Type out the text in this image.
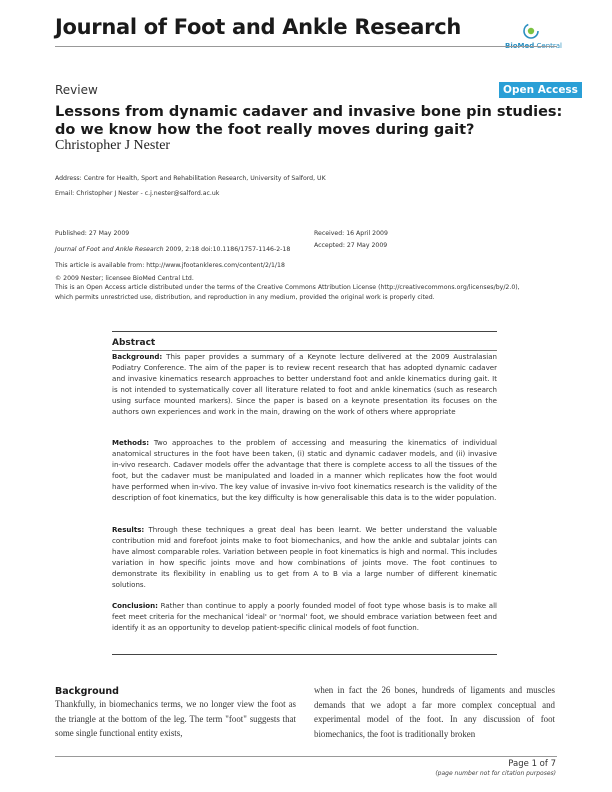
Journal of Foot and Ankle Research
BioMed Central
Review	Open Access
Lessons from dynamic cadaver and invasive bone pin studies: do we know how the foot really moves during gait?
Christopher J Nester
Address: Centre for Health, Sport and Rehabilitation Research, University of Salford, UK
Email: Christopher J Nester - c.j.nester@salford.ac.uk
Published: 27 May 2009
Journal of Foot and Ankle Research 2009, 2:18 doi:10.1186/1757-1146-2-18
Received: 16 April 2009
Accepted: 27 May 2009
This article is available from: http://www.jfootankleres.com/content/2/1/18
© 2009 Nester; licensee BioMed Central Ltd.
This is an Open Access article distributed under the terms of the Creative Commons Attribution License (http://creativecommons.org/licenses/by/2.0),
which permits unrestricted use, distribution, and reproduction in any medium, provided the original work is properly cited.
Abstract

Background: This paper provides a summary of a Keynote lecture delivered at the 2009 Australasian Podiatry Conference. The aim of the paper is to review recent research that has adopted dynamic cadaver and invasive kinematics research approaches to better understand foot and ankle kinematics during gait. It is not intended to systematically cover all literature related to foot and ankle kinematics (such as research using surface mounted markers). Since the paper is based on a keynote presentation its focuses on the authors own experiences and work in the main, drawing on the work of others where appropriate

Methods: Two approaches to the problem of accessing and measuring the kinematics of individual anatomical structures in the foot have been taken, (i) static and dynamic cadaver models, and (ii) invasive in-vivo research. Cadaver models offer the advantage that there is complete access to all the tissues of the foot, but the cadaver must be manipulated and loaded in a manner which replicates how the foot would have performed when in-vivo. The key value of invasive in-vivo foot kinematics research is the validity of the description of foot kinematics, but the key difficulty is how generalisable this data is to the wider population.

Results: Through these techniques a great deal has been learnt. We better understand the valuable contribution mid and forefoot joints make to foot biomechanics, and how the ankle and subtalar joints can have almost comparable roles. Variation between people in foot kinematics is high and normal. This includes variation in how specific joints move and how combinations of joints move. The foot continues to demonstrate its flexibility in enabling us to get from A to B via a large number of different kinematic solutions.

Conclusion: Rather than continue to apply a poorly founded model of foot type whose basis is to make all feet meet criteria for the mechanical 'ideal' or 'normal' foot, we should embrace variation between feet and identify it as an opportunity to develop patient-specific clinical models of foot function.

Background

Thankfully, in biomechanics terms, we no longer view the foot as the triangle at the bottom of the leg. The term "foot" suggests that some single functional entity exists,

when in fact the 26 bones, hundreds of ligaments and muscles demands that we adopt a far more complex conceptual and experimental model of the foot. In any discussion of foot biomechanics, the foot is traditionally broken

Page 1 of 7
(page number not for citation purposes)
